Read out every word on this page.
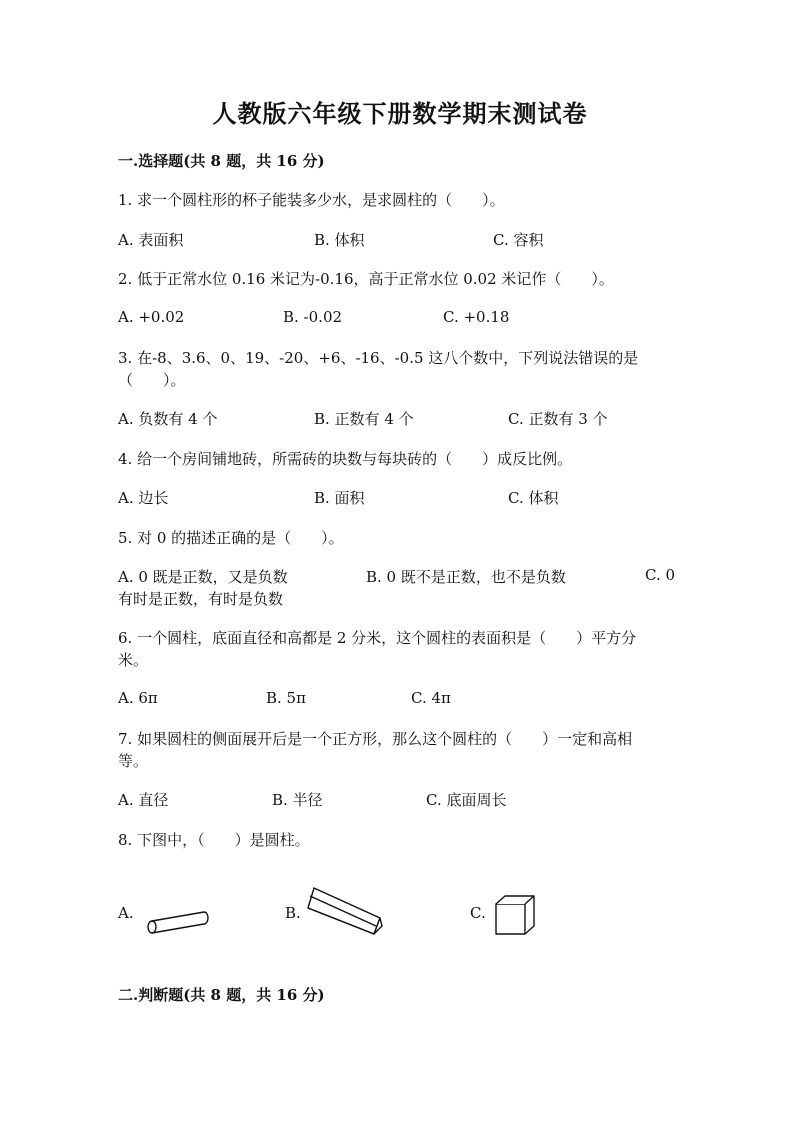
人教版六年级下册数学期末测试卷
一.选择题(共 8 题，共 16 分)
1. 求一个圆柱形的杯子能装多少水，是求圆柱的（　　）。
A. 表面积	B. 体积	C. 容积
2. 低于正常水位 0.16 米记为-0.16，高于正常水位 0.02 米记作（　　）。
A. +0.02	B. -0.02	C. +0.18
3. 在-8、3.6、0、19、-20、+6、-16、-0.5 这八个数中，下列说法错误的是
（　　）。
A. 负数有 4 个	B. 正数有 4 个	C. 正数有 3 个
4. 给一个房间铺地砖，所需砖的块数与每块砖的（　　）成反比例。
A. 边长	B. 面积	C. 体积
5. 对 0 的描述正确的是（　　）。
A. 0 既是正数，又是负数	B. 0 既不是正数，也不是负数	C. 0
有时是正数，有时是负数
6. 一个圆柱，底面直径和高都是 2 分米，这个圆柱的表面积是（　　）平方分
米。
A. 6π	B. 5π	C. 4π
7. 如果圆柱的侧面展开后是一个正方形，那么这个圆柱的（　　）一定和高相
等。
A. 直径	B. 半径	C. 底面周长
8. 下图中，（　　）是圆柱。
A.	B.	C.
二.判断题(共 8 题，共 16 分)
